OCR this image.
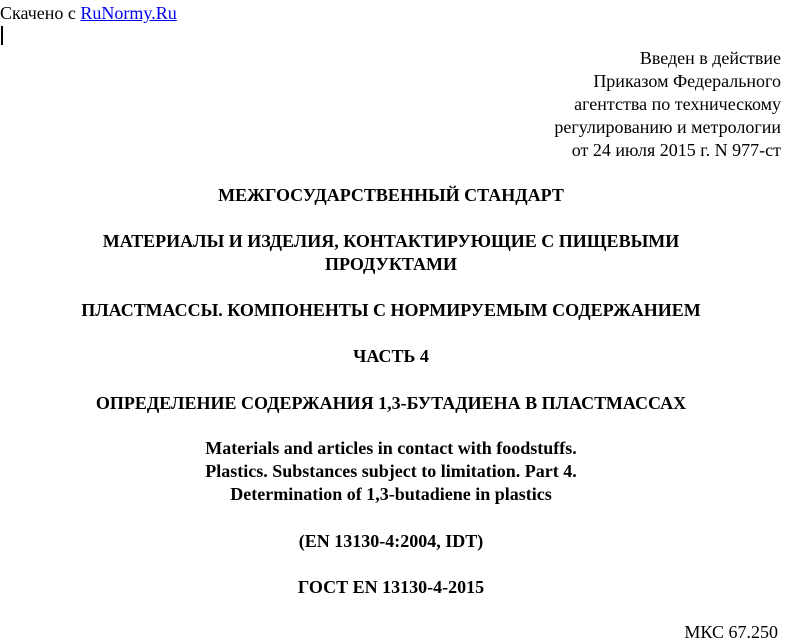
Скачено с RuNormy.Ru
Введен в действие
Приказом Федерального
агентства по техническому
регулированию и метрологии
от 24 июля 2015 г. N 977-ст
МЕЖГОСУДАРСТВЕННЫЙ СТАНДАРТ
МАТЕРИАЛЫ И ИЗДЕЛИЯ, КОНТАКТИРУЮЩИЕ С ПИЩЕВЫМИ
ПРОДУКТАМИ
ПЛАСТМАССЫ. КОМПОНЕНТЫ С НОРМИРУЕМЫМ СОДЕРЖАНИЕМ
ЧАСТЬ 4
ОПРЕДЕЛЕНИЕ СОДЕРЖАНИЯ 1,3-БУТАДИЕНА В ПЛАСТМАССАХ
Materials and articles in contact with foodstuffs.
Plastics. Substances subject to limitation. Part 4.
Determination of 1,3-butadiene in plastics
(EN 13130-4:2004, IDT)
ГОСТ EN 13130-4-2015
МКС 67.250
